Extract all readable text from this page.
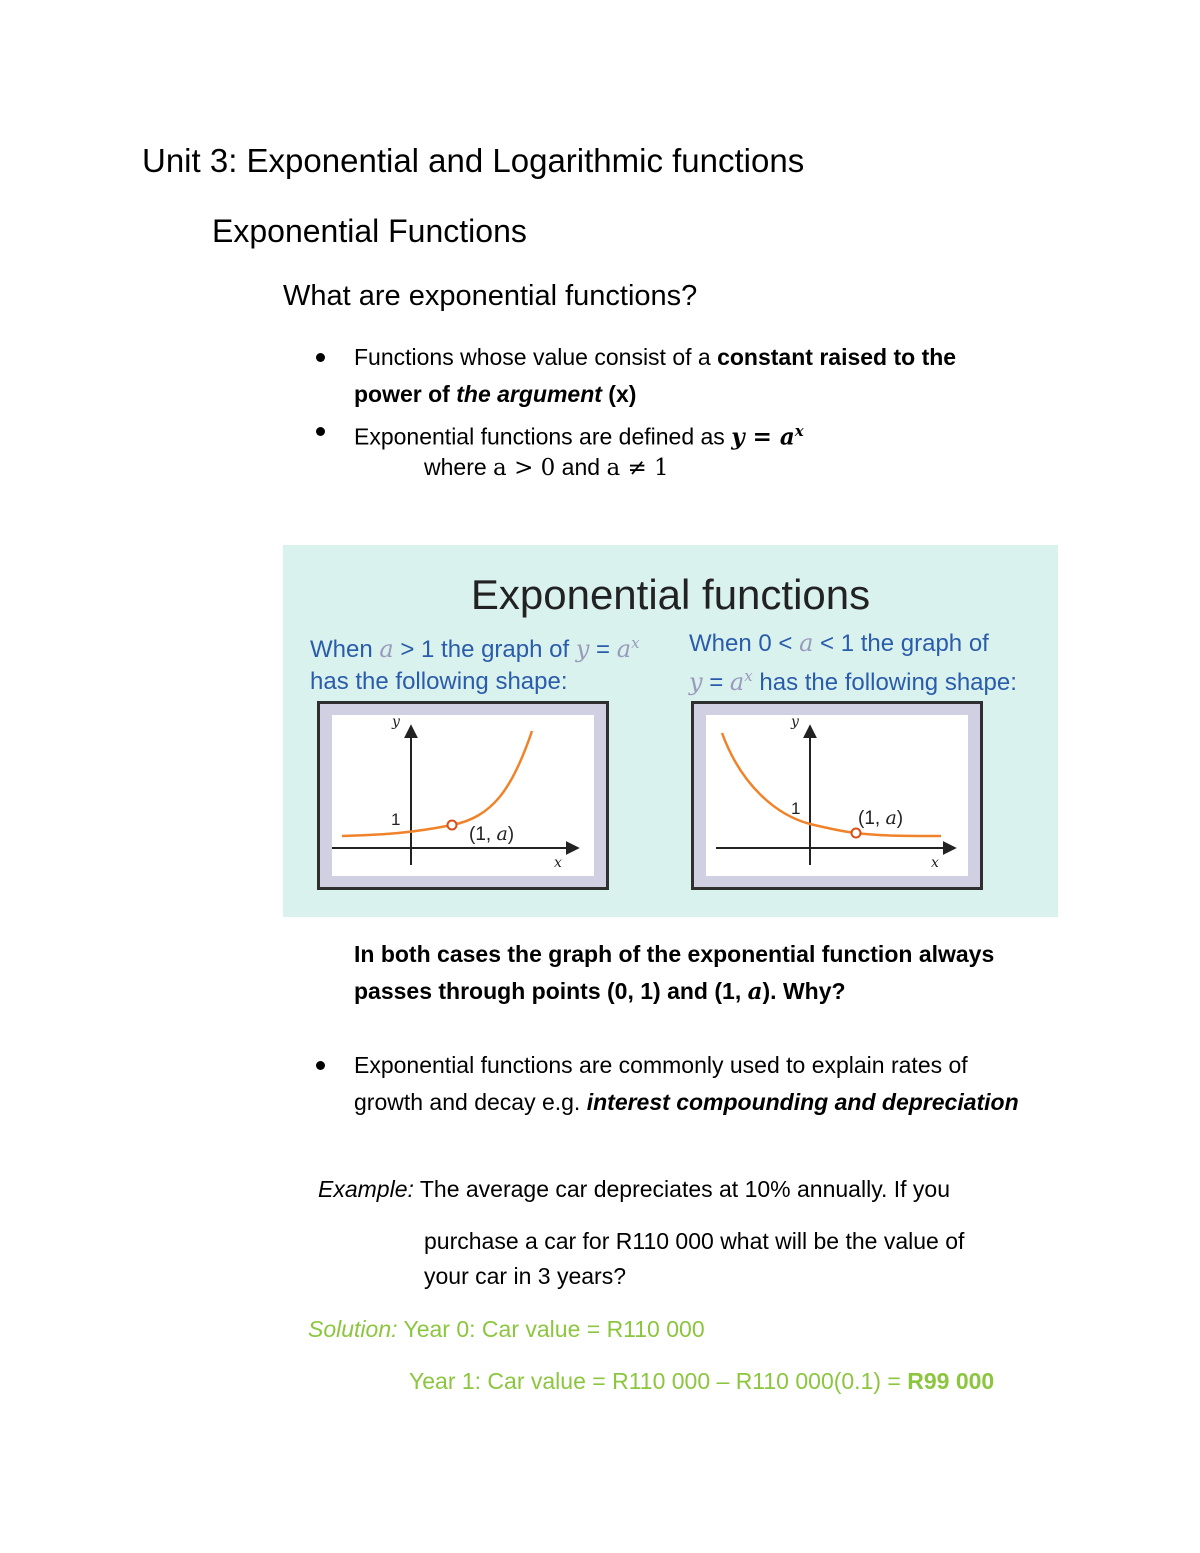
Unit 3: Exponential and Logarithmic functions
Exponential Functions
What are exponential functions?
Functions whose value consist of a constant raised to the
power of the argument (x)
Exponential functions are defined as $y = a^x$
where a > 0 and a ≠ 1
Exponential functions
When a > 1 the graph of $y = a^x$
has the following shape:
When 0 < a < 1 the graph of
$y = a^x$ has the following shape:
y
x
1
(1, a)
y
x
1	(1, a)
In both cases the graph of the exponential function always
passes through points (0, 1) and (1, a). Why?
Exponential functions are commonly used to explain rates of
growth and decay e.g. interest compounding and depreciation
Example: The average car depreciates at 10% annually. If you
purchase a car for R110 000 what will be the value of
your car in 3 years?
Solution: Year 0: Car value = R110 000
Year 1: Car value = R110 000 – R110 000(0.1) = R99 000
